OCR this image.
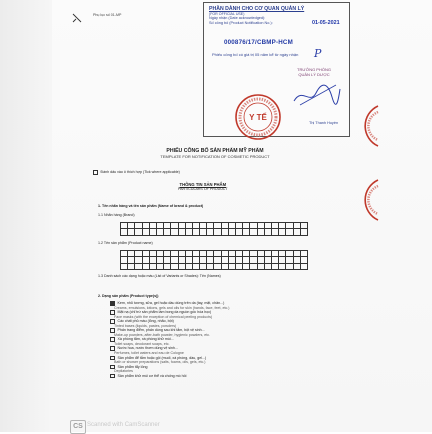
Phụ lục số 01-MP
PHẦN DÀNH CHO CƠ QUAN QUẢN LÝ
(FOR OFFICIAL USE)
Ngày nhận (Date acknowledged):
Số công bố (Product Notification No.):	01-05-2021
000876/17/CBMP-HCM
Phiếu công bố có giá trị 05 năm kể từ ngày nhận P
TRƯỞNG PHÒNG
QUẢN LÝ DƯỢC
Y TẾ
Thị Thanh Huyền
PHIẾU CÔNG BỐ SẢN PHẨM MỸ PHẨM
TEMPLATE FOR NOTIFICATION OF COSMETIC PRODUCT
Đánh dấu vào ô thích hợp (Tick where applicable)
THÔNG TIN SẢN PHẨM
PARTICULARS OF PRODUCT
1. Tên nhãn hàng và tên sản phẩm (Name of brand & product)
1.1 Nhãn hàng (Brand)

1.2 Tên sản phẩm (Product name)

1.3 Danh sách các dạng hoặc màu (List of Variants or Shades): Tên (Names)
2. Dạng sản phẩm (Product type(s))
Kem, nhũ tương, sữa, gel hoặc dầu dùng trên da (tay, mặt, chân...)
Creams, emulsions, lotions, gels and oils for skin (hands, face, feet, etc.)
Mặt nạ (chỉ trừ sản phẩm làm bong da nguồn gốc hóa học)
Face masks (with the exception of chemical peeling products)
Các chất phủ màu (lỏng, nhão, bột)
Tinted bases (liquids, pastes, powders)
Phấn trang điểm, phấn dùng sau khi tắm, bột vệ sinh...
Make-up powders, after-bath powder, hygienic powders, etc.
Xà phòng tắm, xà phòng khử mùi...
Toilet soaps, deodorant soaps, etc.
Nước hoa, nước thơm dùng vệ sinh...
Perfumes, toilet waters and eau de Cologne
Sản phẩm để tắm hoặc gội (muối, xà phòng, dầu, gel...)
Bath or shower preparations (salts, foams, oils, gels, etc.)
Sản phẩm tẩy lông
Depilatories
Sản phẩm khử mùi cơ thể và chống mồ hôi
CS Scanned with CamScanner
